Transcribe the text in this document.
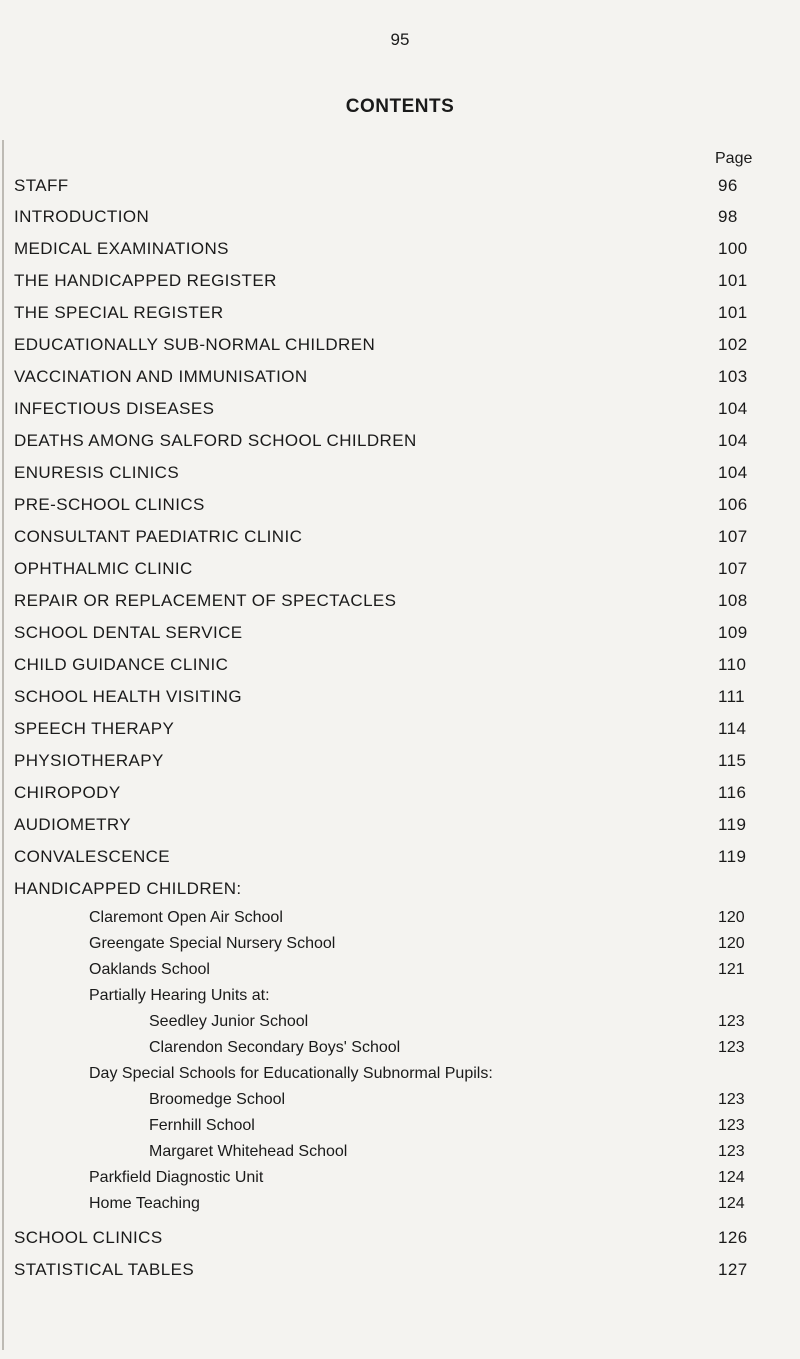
95
CONTENTS
Page
STAFF	96
INTRODUCTION	98
MEDICAL EXAMINATIONS	100
THE HANDICAPPED REGISTER	101
THE SPECIAL REGISTER	101
EDUCATIONALLY SUB-NORMAL CHILDREN	102
VACCINATION AND IMMUNISATION	103
INFECTIOUS DISEASES	104
DEATHS AMONG SALFORD SCHOOL CHILDREN	104
ENURESIS CLINICS	104
PRE-SCHOOL CLINICS	106
CONSULTANT PAEDIATRIC CLINIC	107
OPHTHALMIC CLINIC	107
REPAIR OR REPLACEMENT OF SPECTACLES	108
SCHOOL DENTAL SERVICE	109
CHILD GUIDANCE CLINIC	110
SCHOOL HEALTH VISITING	111
SPEECH THERAPY	114
PHYSIOTHERAPY	115
CHIROPODY	116
AUDIOMETRY	119
CONVALESCENCE	119
HANDICAPPED CHILDREN:
Claremont Open Air School	120
Greengate Special Nursery School	120
Oaklands School	121
Partially Hearing Units at:
Seedley Junior School	123
Clarendon Secondary Boys' School	123
Day Special Schools for Educationally Subnormal Pupils:
Broomedge School	123
Fernhill School	123
Margaret Whitehead School	123
Parkfield Diagnostic Unit	124
Home Teaching	124
SCHOOL CLINICS	126
STATISTICAL TABLES	127
